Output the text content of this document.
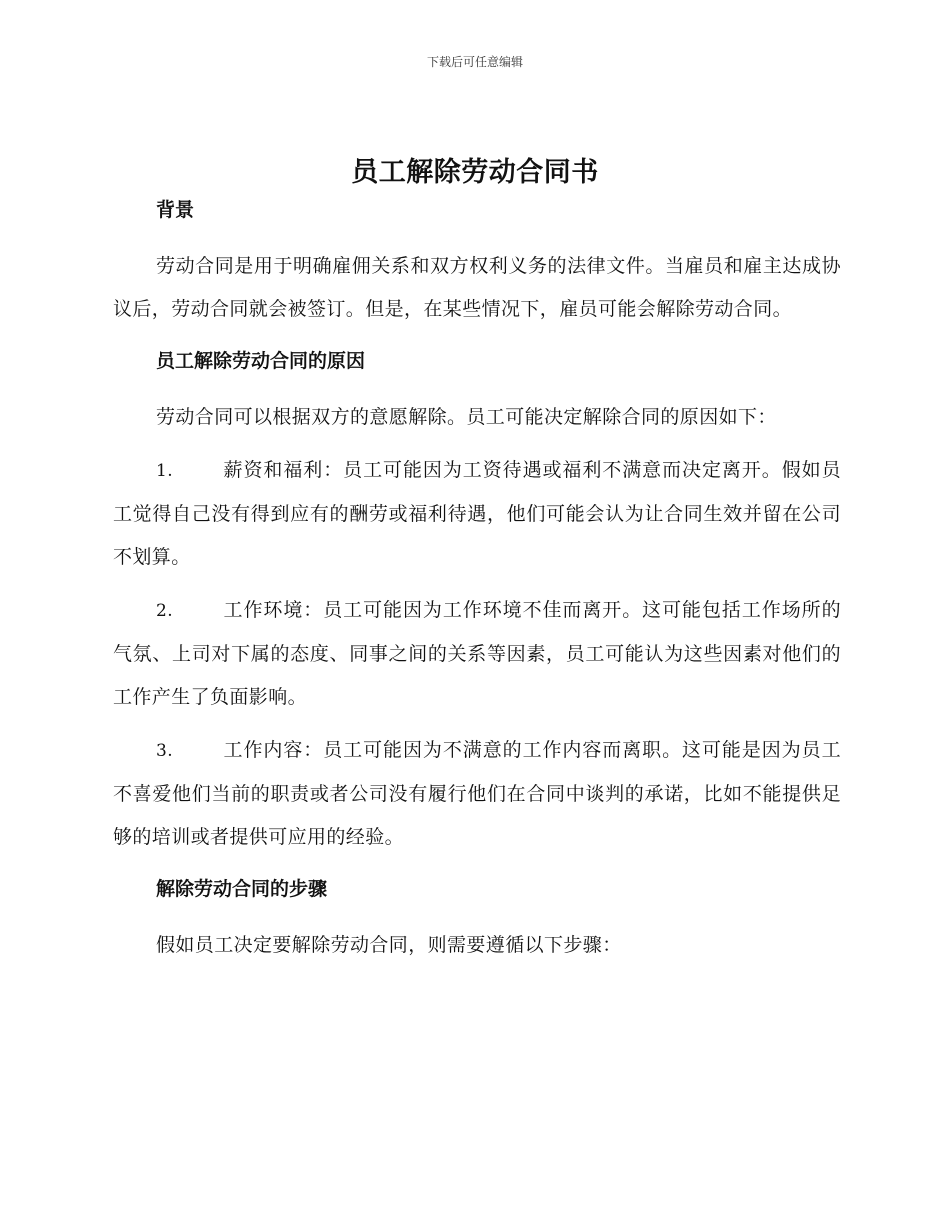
下载后可任意编辑
员工解除劳动合同书
背景

劳动合同是用于明确雇佣关系和双方权利义务的法律文件。当雇员和雇主达成协议后，劳动合同就会被签订。但是，在某些情况下，雇员可能会解除劳动合同。

员工解除劳动合同的原因

劳动合同可以根据双方的意愿解除。员工可能决定解除合同的原因如下：

1.	薪资和福利：员工可能因为工资待遇或福利不满意而决定离开。假如员工觉得自己没有得到应有的酬劳或福利待遇，他们可能会认为让合同生效并留在公司不划算。

2.	工作环境：员工可能因为工作环境不佳而离开。这可能包括工作场所的气氛、上司对下属的态度、同事之间的关系等因素，员工可能认为这些因素对他们的工作产生了负面影响。

3.	工作内容：员工可能因为不满意的工作内容而离职。这可能是因为员工不喜爱他们当前的职责或者公司没有履行他们在合同中谈判的承诺，比如不能提供足够的培训或者提供可应用的经验。

解除劳动合同的步骤

假如员工决定要解除劳动合同，则需要遵循以下步骤：
